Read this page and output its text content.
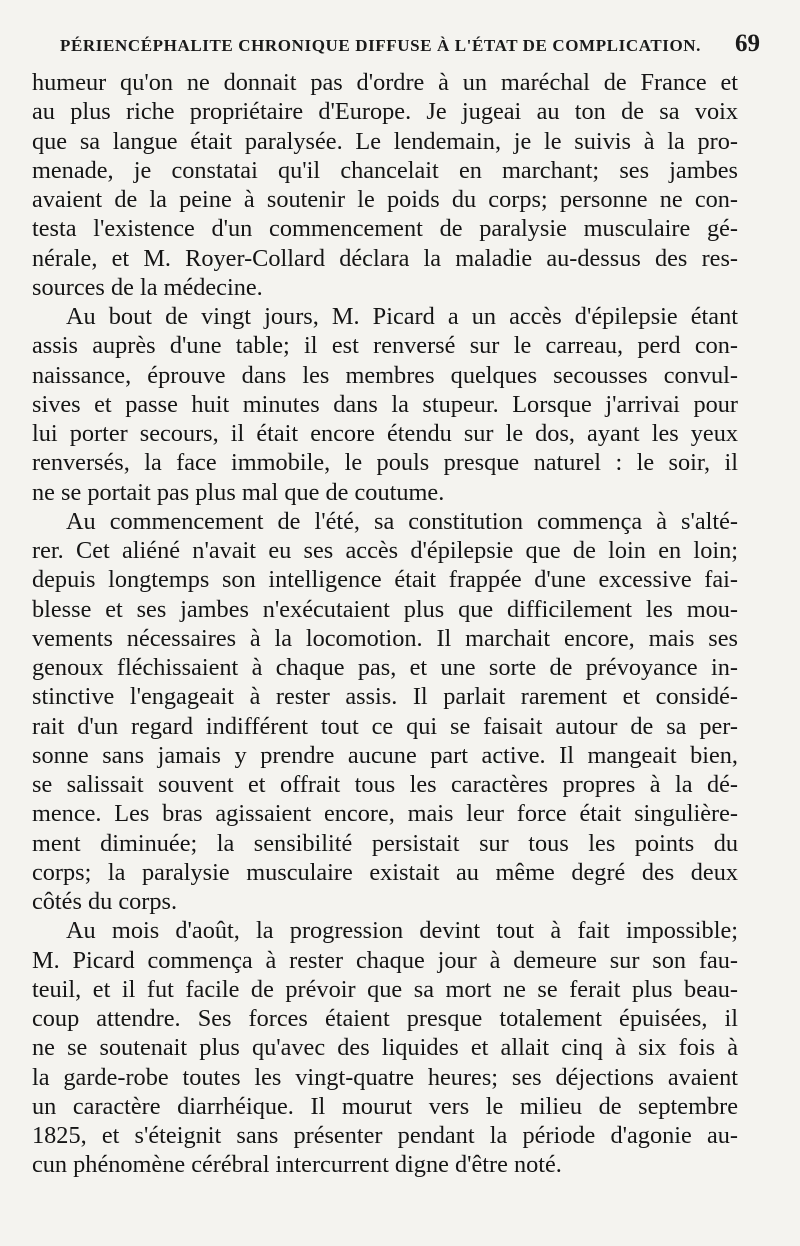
PÉRIENCÉPHALITE CHRONIQUE DIFFUSE À L'ÉTAT DE COMPLICATION. 69
humeur qu'on ne donnait pas d'ordre à un maréchal de France et
au plus riche propriétaire d'Europe. Je jugeai au ton de sa voix
que sa langue était paralysée. Le lendemain, je le suivis à la pro-
menade, je constatai qu'il chancelait en marchant; ses jambes
avaient de la peine à soutenir le poids du corps; personne ne con-
testa l'existence d'un commencement de paralysie musculaire gé-
nérale, et M. Royer-Collard déclara la maladie au-dessus des res-
sources de la médecine.
Au bout de vingt jours, M. Picard a un accès d'épilepsie étant
assis auprès d'une table; il est renversé sur le carreau, perd con-
naissance, éprouve dans les membres quelques secousses convul-
sives et passe huit minutes dans la stupeur. Lorsque j'arrivai pour
lui porter secours, il était encore étendu sur le dos, ayant les yeux
renversés, la face immobile, le pouls presque naturel : le soir, il
ne se portait pas plus mal que de coutume.
Au commencement de l'été, sa constitution commença à s'alté-
rer. Cet aliéné n'avait eu ses accès d'épilepsie que de loin en loin;
depuis longtemps son intelligence était frappée d'une excessive fai-
blesse et ses jambes n'exécutaient plus que difficilement les mou-
vements nécessaires à la locomotion. Il marchait encore, mais ses
genoux fléchissaient à chaque pas, et une sorte de prévoyance in-
stinctive l'engageait à rester assis. Il parlait rarement et considé-
rait d'un regard indifférent tout ce qui se faisait autour de sa per-
sonne sans jamais y prendre aucune part active. Il mangeait bien,
se salissait souvent et offrait tous les caractères propres à la dé-
mence. Les bras agissaient encore, mais leur force était singulière-
ment diminuée; la sensibilité persistait sur tous les points du
corps; la paralysie musculaire existait au même degré des deux
côtés du corps.
Au mois d'août, la progression devint tout à fait impossible;
M. Picard commença à rester chaque jour à demeure sur son fau-
teuil, et il fut facile de prévoir que sa mort ne se ferait plus beau-
coup attendre. Ses forces étaient presque totalement épuisées, il
ne se soutenait plus qu'avec des liquides et allait cinq à six fois à
la garde-robe toutes les vingt-quatre heures; ses déjections avaient
un caractère diarrhéique. Il mourut vers le milieu de septembre
1825, et s'éteignit sans présenter pendant la période d'agonie au-
cun phénomène cérébral intercurrent digne d'être noté.
